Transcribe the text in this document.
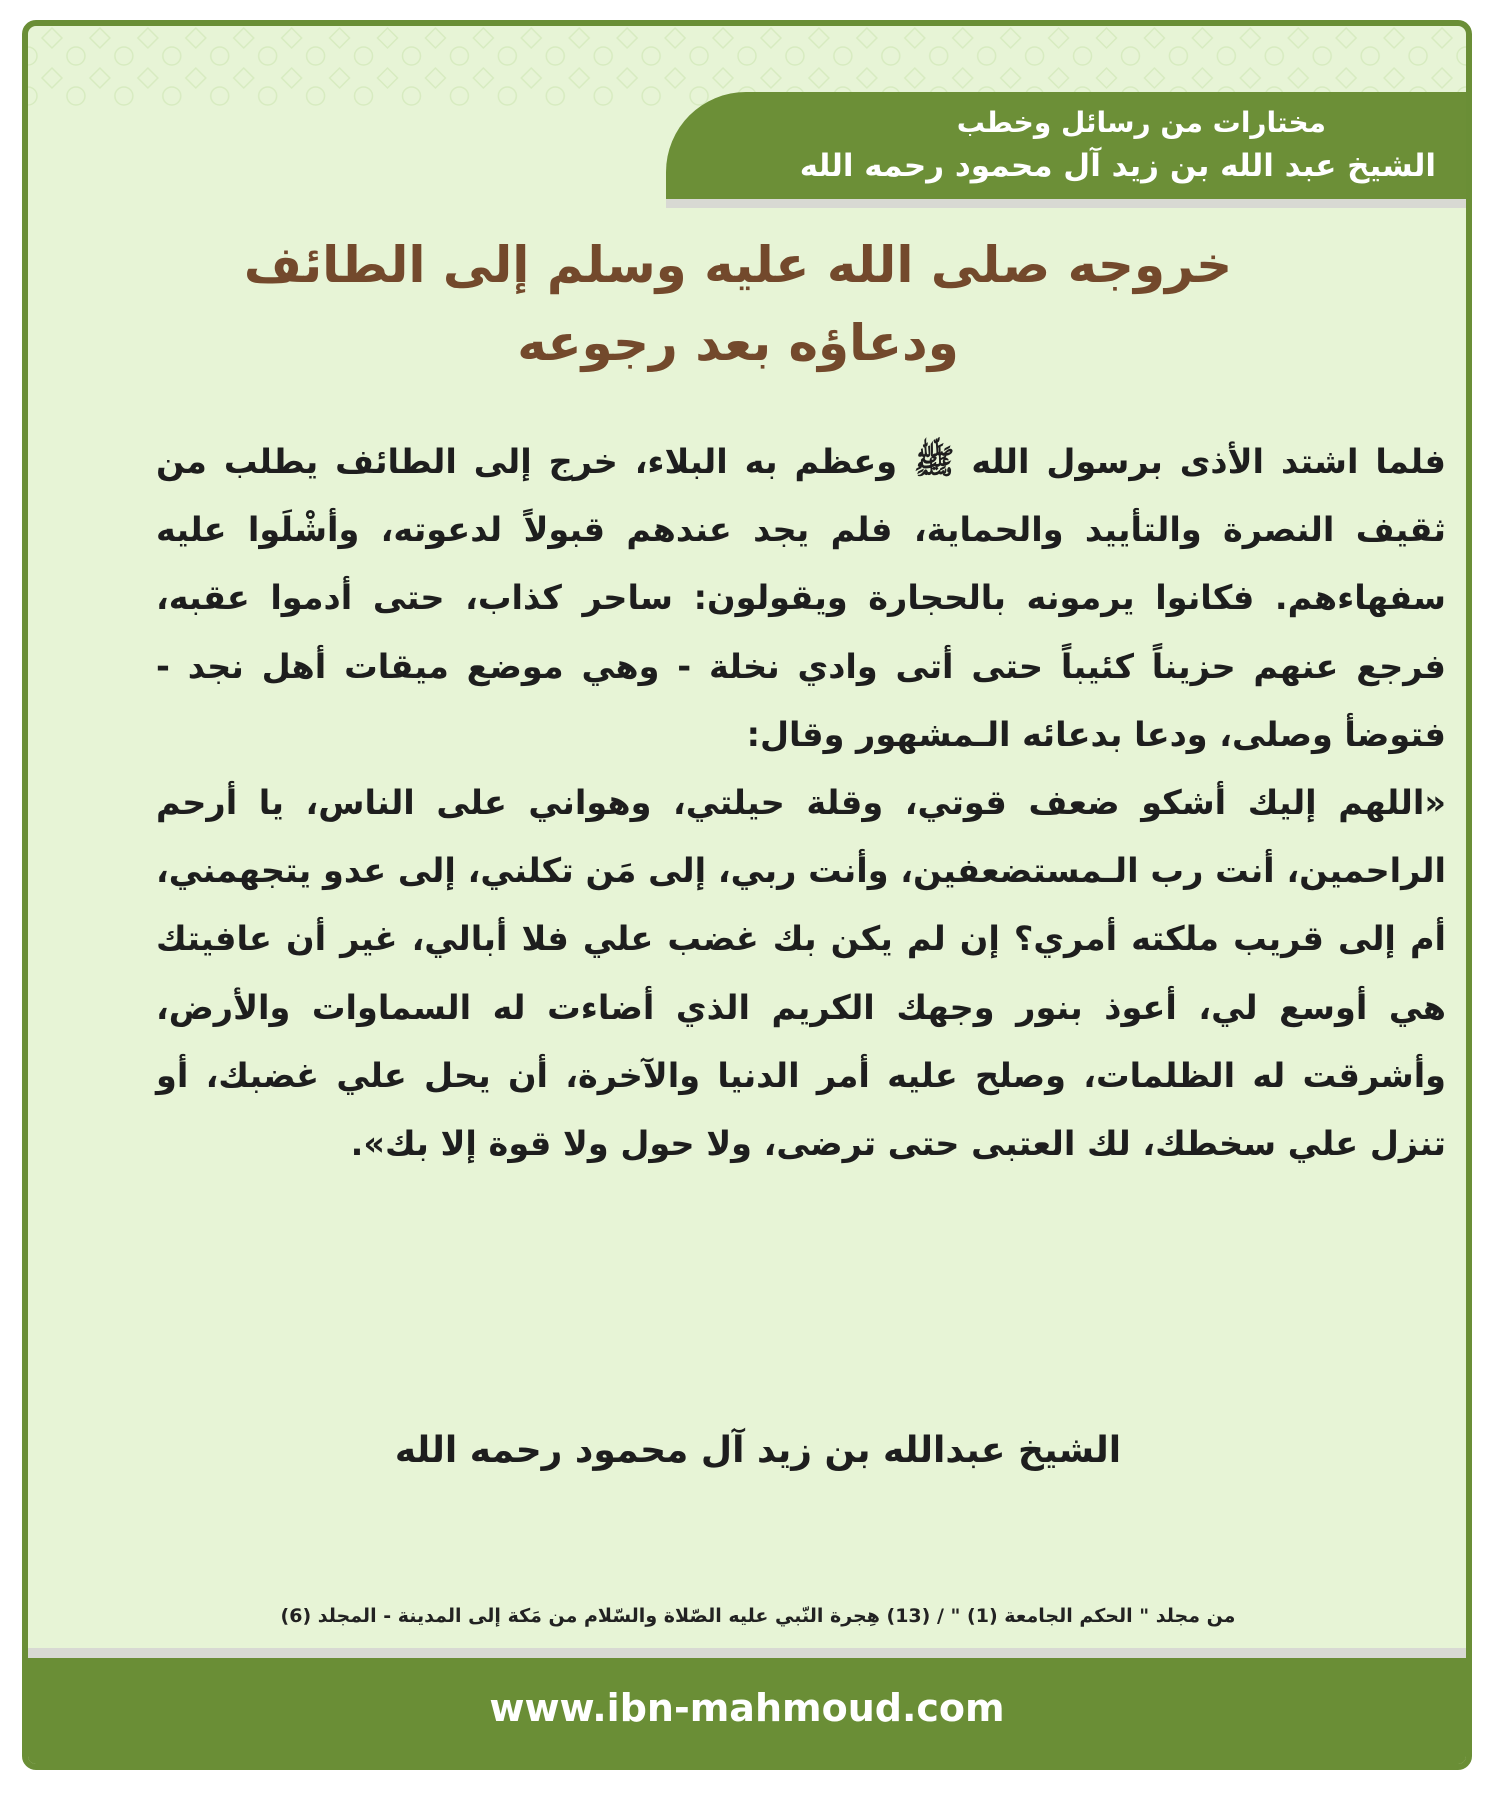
مختارات من رسائل وخطب
الشيخ عبد الله بن زيد آل محمود رحمه الله
خروجه صلى الله عليه وسلم إلى الطائف
ودعاؤه بعد رجوعه

فلما اشتد الأذى برسول الله ﷺ وعظم به البلاء، خرج إلى الطائف يطلب من ثقيف النصرة والتأييد والحماية، فلم يجد عندهم قبولاً لدعوته، وأشْلَوا عليه سفهاءهم. فكانوا يرمونه بالحجارة ويقولون: ساحر كذاب، حتى أدموا عقبه، فرجع عنهم حزيناً كئيباً حتى أتى وادي نخلة - وهي موضع ميقات أهل نجد - فتوضأ وصلى، ودعا بدعائه الـمشهور وقال:

«اللهم إليك أشكو ضعف قوتي، وقلة حيلتي، وهواني على الناس، يا أرحم الراحمين، أنت رب الـمستضعفين، وأنت ربي، إلى مَن تكلني، إلى عدو يتجهمني، أم إلى قريب ملكته أمري؟ إن لم يكن بك غضب علي فلا أبالي، غير أن عافيتك هي أوسع لي، أعوذ بنور وجهك الكريم الذي أضاءت له السماوات والأرض، وأشرقت له الظلمات، وصلح عليه أمر الدنيا والآخرة، أن يحل علي غضبك، أو تنزل علي سخطك، لك العتبى حتى ترضى، ولا حول ولا قوة إلا بك».

الشيخ عبدالله بن زيد آل محمود رحمه الله
من مجلد " الحكم الجامعة (1) " / (13) هِجرة النّبي عليه الصّلاة والسّلام من مَكة إلى المدينة - المجلد (6)
www.ibn-mahmoud.com
